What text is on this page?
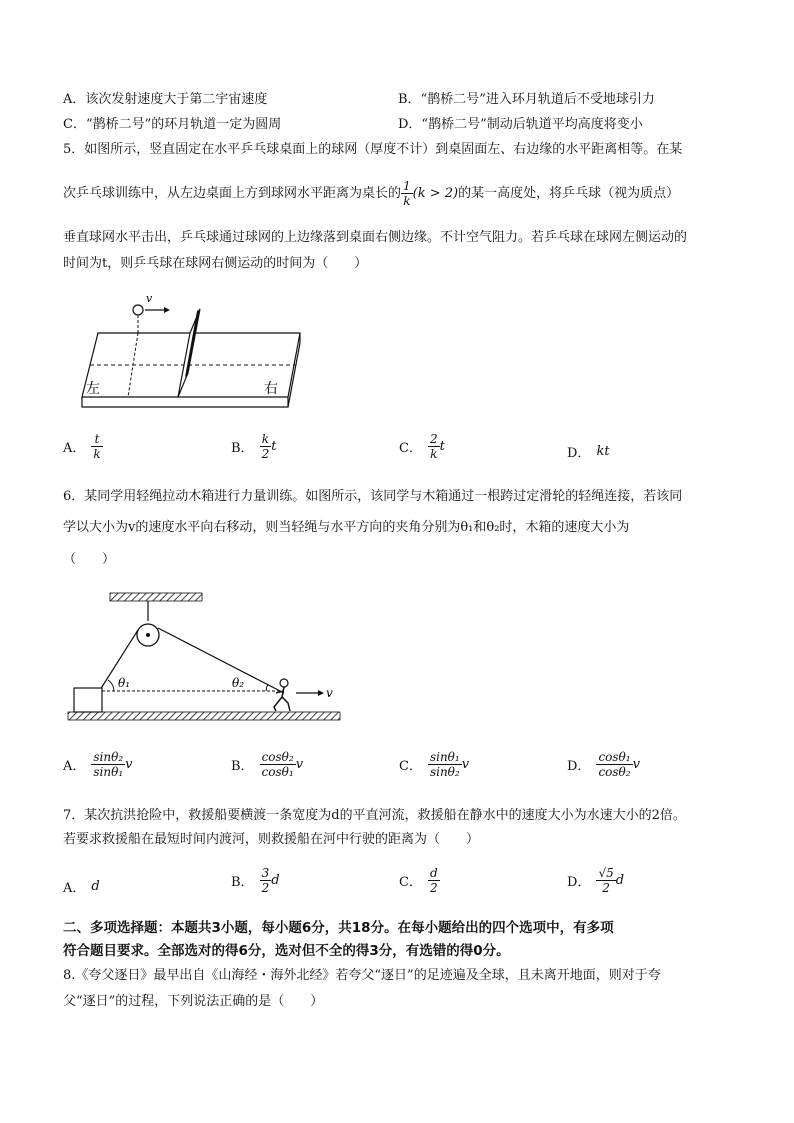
A．该次发射速度大于第二宇宙速度	B．“鹊桥二号”进入环月轨道后不受地球引力
C．“鹊桥二号”的环月轨道一定为圆周	D．“鹊桥二号”制动后轨道平均高度将变小
5．如图所示，竖直固定在水平乒乓球桌面上的球网（厚度不计）到桌固面左、右边缘的水平距离相等。在某
次乒乓球训练中，从左边桌面上方到球网水平距离为桌长的 $\frac{1}{k} (k > 2)$的某一高度处，将乒乓球（视为质点）
垂直球网水平击出，乒乓球通过球网的上边缘落到桌面右侧边缘。不计空气阻力。若乒乓球在球网左侧运动的
时间为t，则乒乓球在球网右侧运动的时间为（　　）
v
左	右
A． $\frac{t}{k}$	B． $\frac{k}{2}$ t	C． $\frac{2}{k}$ t	D． kt
6．某同学用轻绳拉动木箱进行力量训练。如图所示，该同学与木箱通过一根跨过定滑轮的轻绳连接，若该同
学以大小为v的速度水平向右移动，则当轻绳与水平方向的夹角分别为θ₁和θ₂时，木箱的速度大小为
（　　）
θ₁	θ₂
v
A． $\frac{\text{sinθ₂}}{\text{sinθ₁}}$ v	B． $\frac{\text{cosθ₂}}{\text{cosθ₁}}$ v	C． $\frac{\text{sinθ₁}}{\text{sinθ₂}}$ v	D． $\frac{\text{cosθ₁}}{\text{cosθ₂}}$ v
7．某次抗洪抢险中，救援船要横渡一条宽度为d的平直河流，救援船在静水中的速度大小为水速大小的2倍。
若要求救援船在最短时间内渡河，则救援船在河中行驶的距离为（　　）
A． d	B． $\frac{3}{2}$ d	C． $\frac{d}{2}$	D． $\frac{√5}{2}$ d
二、多项选择题：本题共3小题，每小题6分，共18分。在每小题给出的四个选项中，有多项
符合题目要求。全部选对的得6分，选对但不全的得3分，有选错的得0分。
8.《夸父逐日》最早出自《山海经・海外北经》若夸父“逐日”的足迹遍及全球，且未离开地面，则对于夸
父“逐日”的过程，下列说法正确的是（　　）
